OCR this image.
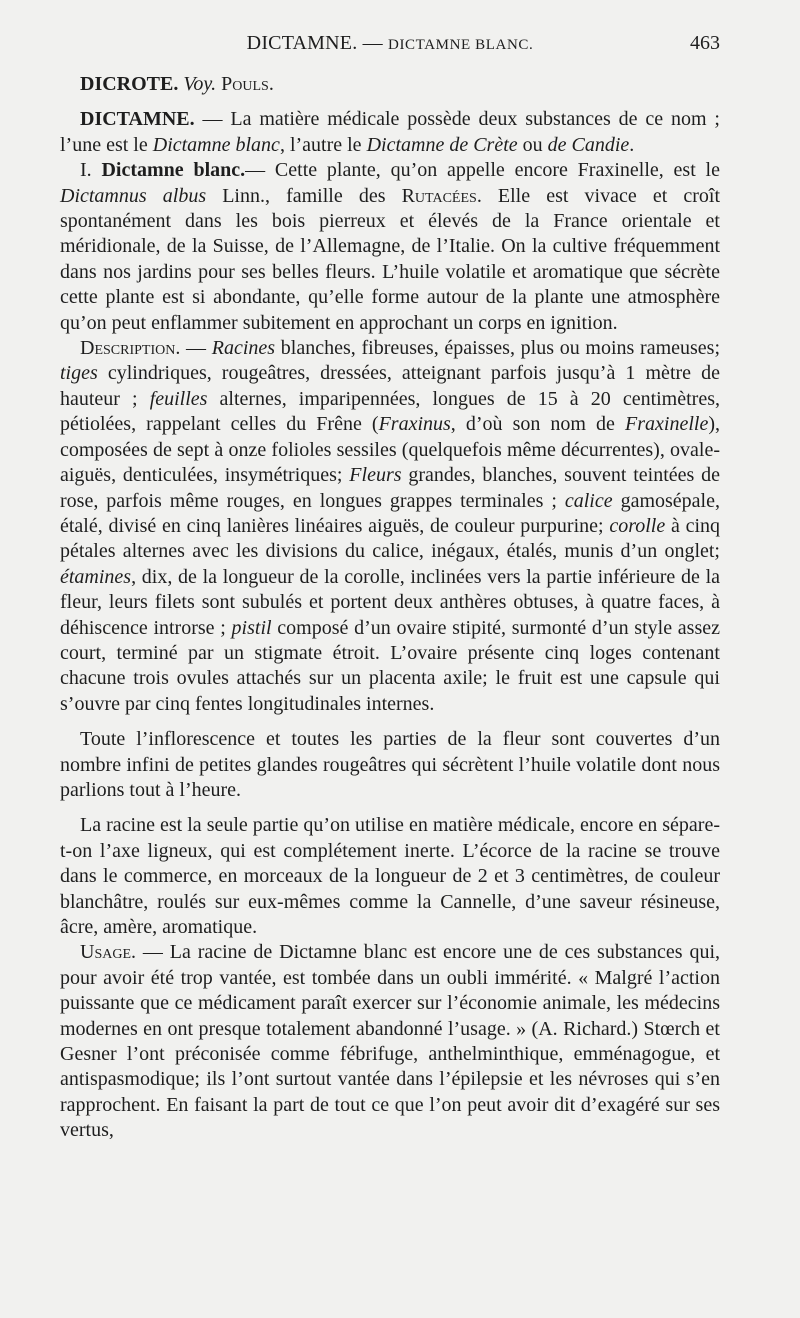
DICTAMNE. — DICTAMNE BLANC.	463

DICROTE. Voy. Pouls.

DICTAMNE. — La matière médicale possède deux substances de ce nom ; l’une est le Dictamne blanc, l’autre le Dictamne de Crète ou de Candie.

I. Dictamne blanc.— Cette plante, qu’on appelle encore Fraxinelle, est le Dictamnus albus Linn., famille des Rutacées. Elle est vivace et croît spontanément dans les bois pierreux et élevés de la France orientale et méridionale, de la Suisse, de l’Allemagne, de l’Italie. On la cultive fréquemment dans nos jardins pour ses belles fleurs. L’huile volatile et aromatique que sécrète cette plante est si abondante, qu’elle forme autour de la plante une atmosphère qu’on peut enflammer subitement en approchant un corps en ignition.

Description. — Racines blanches, fibreuses, épaisses, plus ou moins rameuses; tiges cylindriques, rougeâtres, dressées, atteignant parfois jusqu’à 1 mètre de hauteur ; feuilles alternes, imparipennées, longues de 15 à 20 centimètres, pétiolées, rappelant celles du Frêne (Fraxinus, d’où son nom de Fraxinelle), composées de sept à onze folioles sessiles (quelquefois même décurrentes), ovale-aiguës, denticulées, insymétriques; Fleurs grandes, blanches, souvent teintées de rose, parfois même rouges, en longues grappes terminales ; calice gamosépale, étalé, divisé en cinq lanières linéaires aiguës, de couleur purpurine; corolle à cinq pétales alternes avec les divisions du calice, inégaux, étalés, munis d’un onglet; étamines, dix, de la longueur de la corolle, inclinées vers la partie inférieure de la fleur, leurs filets sont subulés et portent deux anthères obtuses, à quatre faces, à déhiscence introrse ; pistil composé d’un ovaire stipité, surmonté d’un style assez court, terminé par un stigmate étroit. L’ovaire présente cinq loges contenant chacune trois ovules attachés sur un placenta axile; le fruit est une capsule qui s’ouvre par cinq fentes longitudinales internes.

Toute l’inflorescence et toutes les parties de la fleur sont couvertes d’un nombre infini de petites glandes rougeâtres qui sécrètent l’huile volatile dont nous parlions tout à l’heure.

La racine est la seule partie qu’on utilise en matière médicale, encore en sépare-t-on l’axe ligneux, qui est complétement inerte. L’écorce de la racine se trouve dans le commerce, en morceaux de la longueur de 2 et 3 centimètres, de couleur blanchâtre, roulés sur eux-mêmes comme la Cannelle, d’une saveur résineuse, âcre, amère, aromatique.

Usage. — La racine de Dictamne blanc est encore une de ces substances qui, pour avoir été trop vantée, est tombée dans un oubli immérité. « Malgré l’action puissante que ce médicament paraît exercer sur l’économie animale, les médecins modernes en ont presque totalement abandonné l’usage. » (A. Richard.) Stœrch et Gesner l’ont préconisée comme fébrifuge, anthelminthique, emménagogue, et antispasmodique; ils l’ont surtout vantée dans l’épilepsie et les névroses qui s’en rapprochent. En faisant la part de tout ce que l’on peut avoir dit d’exagéré sur ses vertus,
